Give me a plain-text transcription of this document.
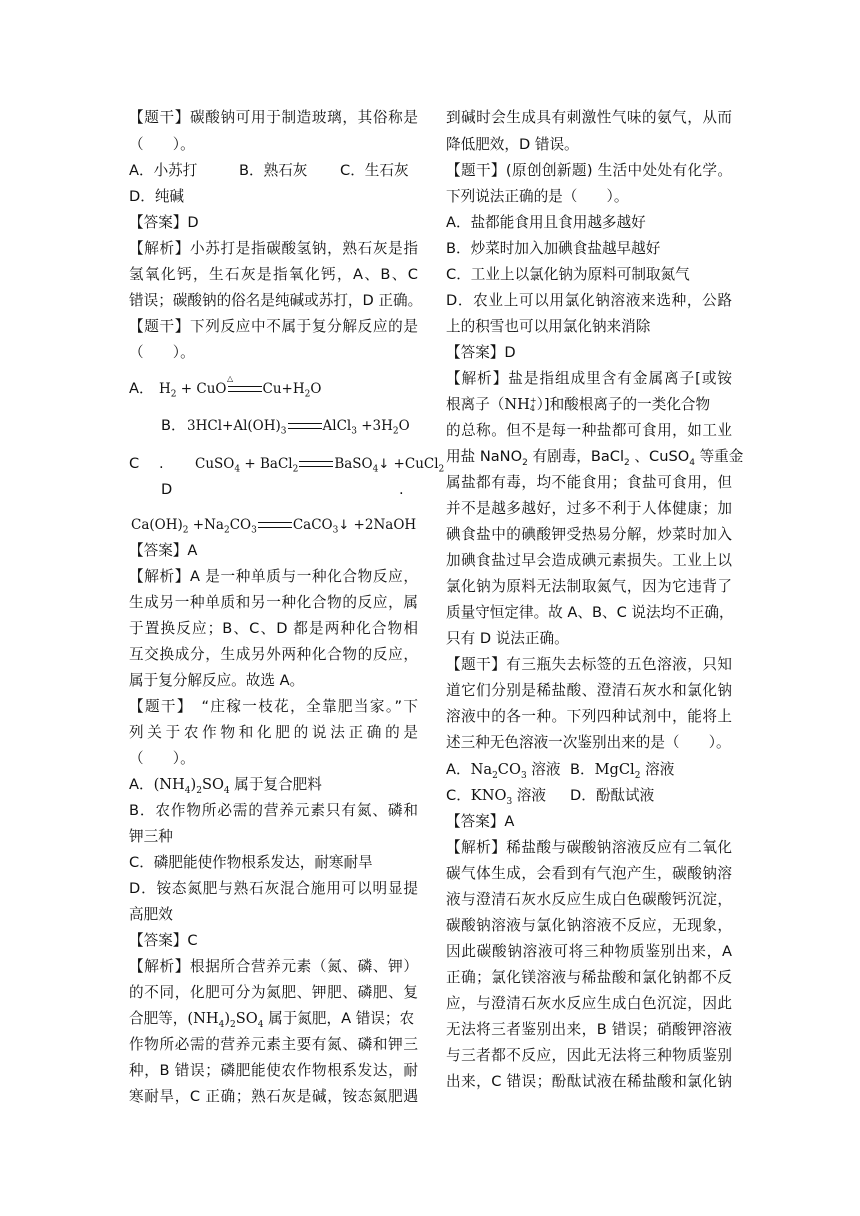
【题干】碳酸钠可用于制造玻璃，其俗称是
（　　）。
A．小苏打	B．熟石灰 C．生石灰
D．纯碱
【答案】D
【解析】小苏打是指碳酸氢钠，熟石灰是指
氢氧化钙，生石灰是指氧化钙，A、B、C
错误；碳酸钠的俗名是纯碱或苏打，D 正确。
【题干】下列反应中不属于复分解反应的是
（　　）。
A． $H_2$ + CuO	$Cu+H_2O$
△
B． $3HCl+Al(OH)_3$	AlCl$_3$ $+3H_2O$
C . CuSO$_4$ + BaCl$_2$	BaSO$_4$↓ +CuCl$_2$
D	.
$Ca(OH)_2 +Na_2CO_3$	CaCO$_3$↓ +2NaOH
【答案】A
【解析】A 是一种单质与一种化合物反应，
生成另一种单质和另一种化合物的反应，属
于置换反应；B、C、D 都是两种化合物相
互交换成分，生成另外两种化合物的反应，
属于复分解反应。故选 A。
【题干】　“庄稼一枝花，全靠肥当家。”下
列关于农作物和化肥的说法正确的是
（　　）。
A．$(NH_4)_2SO_4$ 属于复合肥料
B．农作物所必需的营养元素只有氮、磷和
钾三种
C．磷肥能使作物根系发达，耐寒耐旱
D．铵态氮肥与熟石灰混合施用可以明显提
高肥效
【答案】C
【解析】根据所合营养元素（氮、磷、钾）
的不同，化肥可分为氮肥、钾肥、磷肥、复
合肥等，$(NH_4)_2SO_4$ 属于氮肥，A 错误；农
作物所必需的营养元素主要有氮、磷和钾三
种，B 错误；磷肥能使农作物根系发达，耐
寒耐旱，C 正确；熟石灰是碱，铵态氮肥遇
到碱时会生成具有刺激性气味的氨气，从而
降低肥效，D 错误。
【题干】(原创创新题) 生活中处处有化学。
下列说法正确的是（　　）。
A．盐都能食用且食用越多越好
B．炒菜时加入加碘食盐越早越好
C．工业上以氯化钠为原料可制取氮气
D．农业上可以用氯化钠溶液来选种，公路
上的积雪也可以用氯化钠来消除
【答案】D
【解析】盐是指组成里含有金属离子[或铵
根离子（NH +
4 ）]和酸根离子的一类化合物
的总称。但不是每一种盐都可食用，如工业
用盐 NaNO$_2$ 有剧毒，BaCl$_2$ 、CuSO$_4$ 等重金
属盐都有毒，均不能食用；食盐可食用，但
并不是越多越好，过多不利于人体健康；加
碘食盐中的碘酸钾受热易分解，炒菜时加入
加碘食盐过早会造成碘元素损失。工业上以
氯化钠为原料无法制取氮气，因为它违背了
质量守恒定律。故 A、B、C 说法均不正确，
只有 D 说法正确。
【题干】有三瓶失去标签的五色溶液，只知
道它们分别是稀盐酸、澄清石灰水和氯化钠
溶液中的各一种。下列四种试剂中，能将上
述三种无色溶液一次鉴别出来的是（　　）。
A．$Na_2CO_3$ 溶液 B．MgCl$_2$ 溶液
C．$KNO_3$ 溶液 D．酚酞试液
【答案】A
【解析】稀盐酸与碳酸钠溶液反应有二氧化
碳气体生成，会看到有气泡产生，碳酸钠溶
液与澄清石灰水反应生成白色碳酸钙沉淀，
碳酸钠溶液与氯化钠溶液不反应，无现象，
因此碳酸钠溶液可将三种物质鉴别出来，A
正确；氯化镁溶液与稀盐酸和氯化钠都不反
应，与澄清石灰水反应生成白色沉淀，因此
无法将三者鉴别出来，B 错误；硝酸钾溶液
与三者都不反应，因此无法将三种物质鉴别
出来，C 错误；酚酞试液在稀盐酸和氯化钠
